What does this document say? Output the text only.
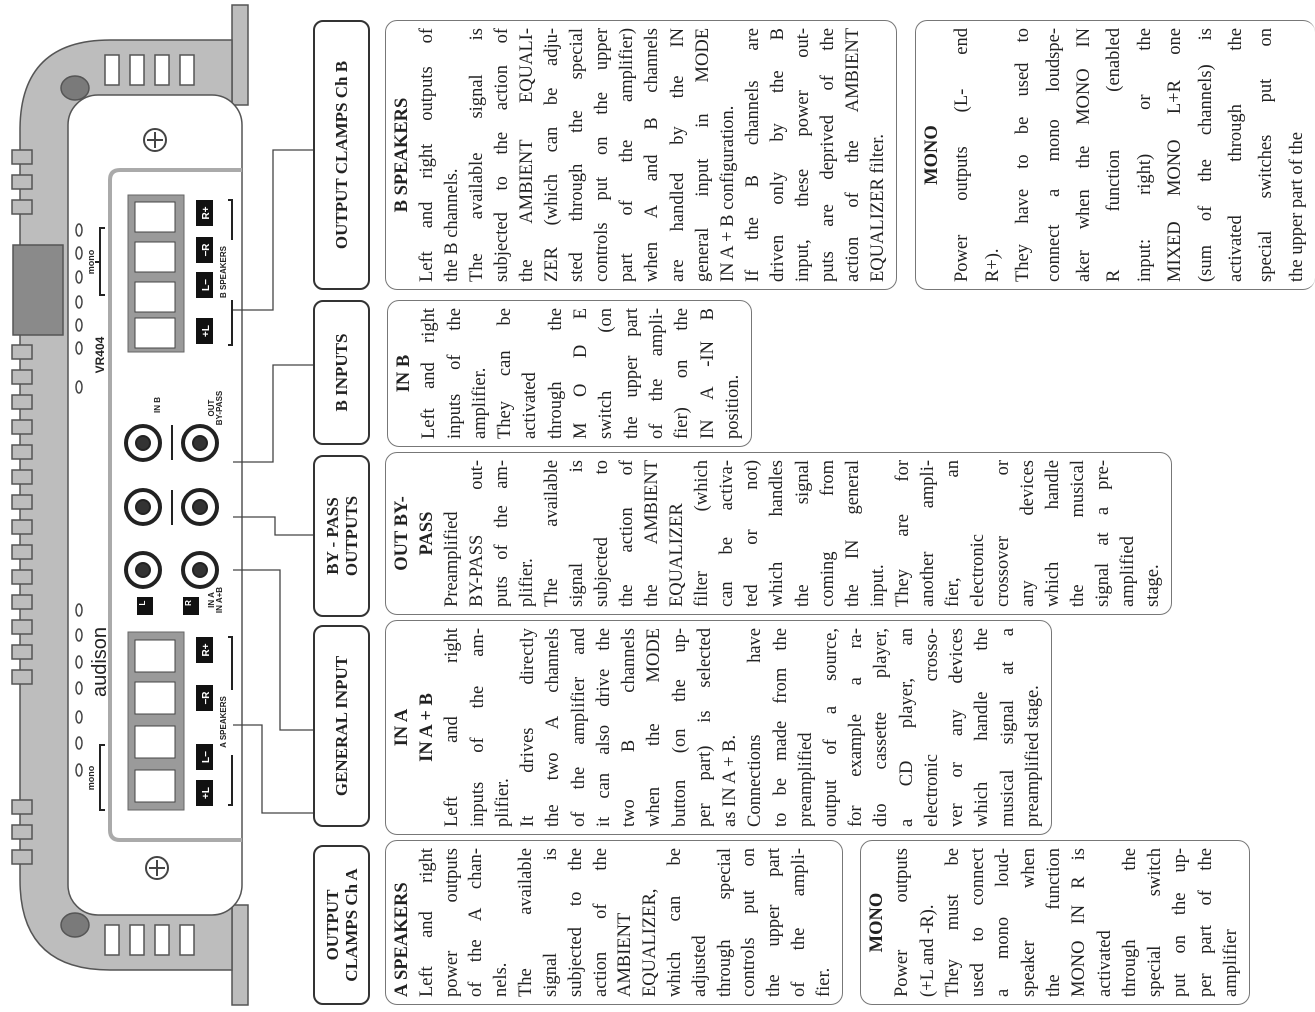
mono
mono
VR404
audison
+L
L−
−R
R+
+L
L−
−R
R+
B SPEAKERS
A SPEAKERS
IN B	OUT BY-PASS
IN A IN A+B
L	R
OUTPUT CLAMPS Ch B
B INPUTS
BY - PASS OUTPUTS
GENERAL INPUT
OUTPUT CLAMPS Ch A A SPEAKERS Left and right power outputs of the A chan- nels. The available signal is subjected to the action of the AMBIENT EQUALIZER, which can be adjusted through special controls put on the upper part of the ampli- fier.
MONO Power outputs (+L and -R). They must be used to connect a mono loud- speaker when the function MONO IN R is activated through the special switch put on the up- per part of the amplifier
IN A IN A + B Left and right inputs of the am- plifier. It drives directly the two A channels of the amplifier and it can also drive the two B channels when the MODE button (on the up- per part) is selected as IN A + B. Connections have to be made from the preamplified output of a source, for example a ra- dio cassette player, a CD player, an electronic crosso- ver or any devices which handle the musical signal at a preamplified stage.
OUT BY- PASS Preamplified BY-PASS out- puts of the am- plifier. The available signal is subjected to the action of the AMBIENT EQUALIZER filter (which can be activa- ted or not) which handles the signal coming from the IN general input. They are for another ampli- fier, an electronic crossover or any devices which handle the musical signal at a pre- amplified stage.
IN B Left and right inputs of the amplifier. They can be activated through the M O D E switch (on the upper part of the ampli- fier) on the IN A -IN B position.
B SPEAKERS Left and right outputs of the B channels. The available signal is subjected to the action of the AMBIENT EQUALI- ZER (which can be adju- sted through the special controls put on the upper part of the amplifier) when A and B channels are handled by the IN general input in MODE IN A + B configuration. If the B channels are driven only by the B input, these power out- puts are deprived of the action of the AMBIENT EQUALIZER filter. MONO Power outputs (L- end R+). They have to be used to connect a mono loudspe- aker when the MONO IN R function (enabled input: right) or the MIXED MONO L+R one (sum of the channels) is activated through the special switches put on the upper part of the
